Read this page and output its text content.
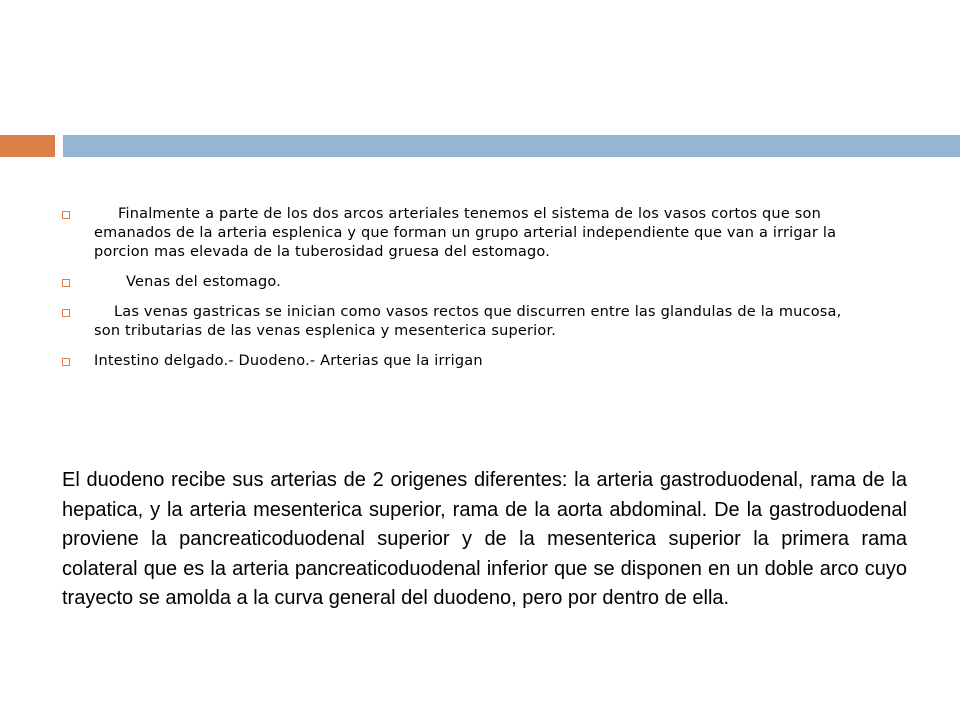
Finalmente a parte de los dos arcos arteriales tenemos el sistema de los vasos cortos que son emanados de la arteria esplenica y que forman un grupo arterial independiente que van a irrigar la porcion mas elevada de la tuberosidad gruesa del estomago.
Venas del estomago.
Las venas gastricas se inician como vasos rectos que discurren entre las glandulas de la mucosa, son tributarias de las venas esplenica y mesenterica superior.
Intestino delgado.- Duodeno.- Arterias que la irrigan
El duodeno recibe sus arterias de 2 origenes diferentes: la arteria gastroduodenal, rama de la hepatica, y la arteria mesenterica superior, rama de la aorta abdominal. De la gastroduodenal proviene la pancreaticoduodenal superior y de la mesenterica superior la primera rama colateral que es la arteria pancreaticoduodenal inferior que se disponen en un doble arco cuyo trayecto se amolda a la curva general del duodeno, pero por dentro de ella.
